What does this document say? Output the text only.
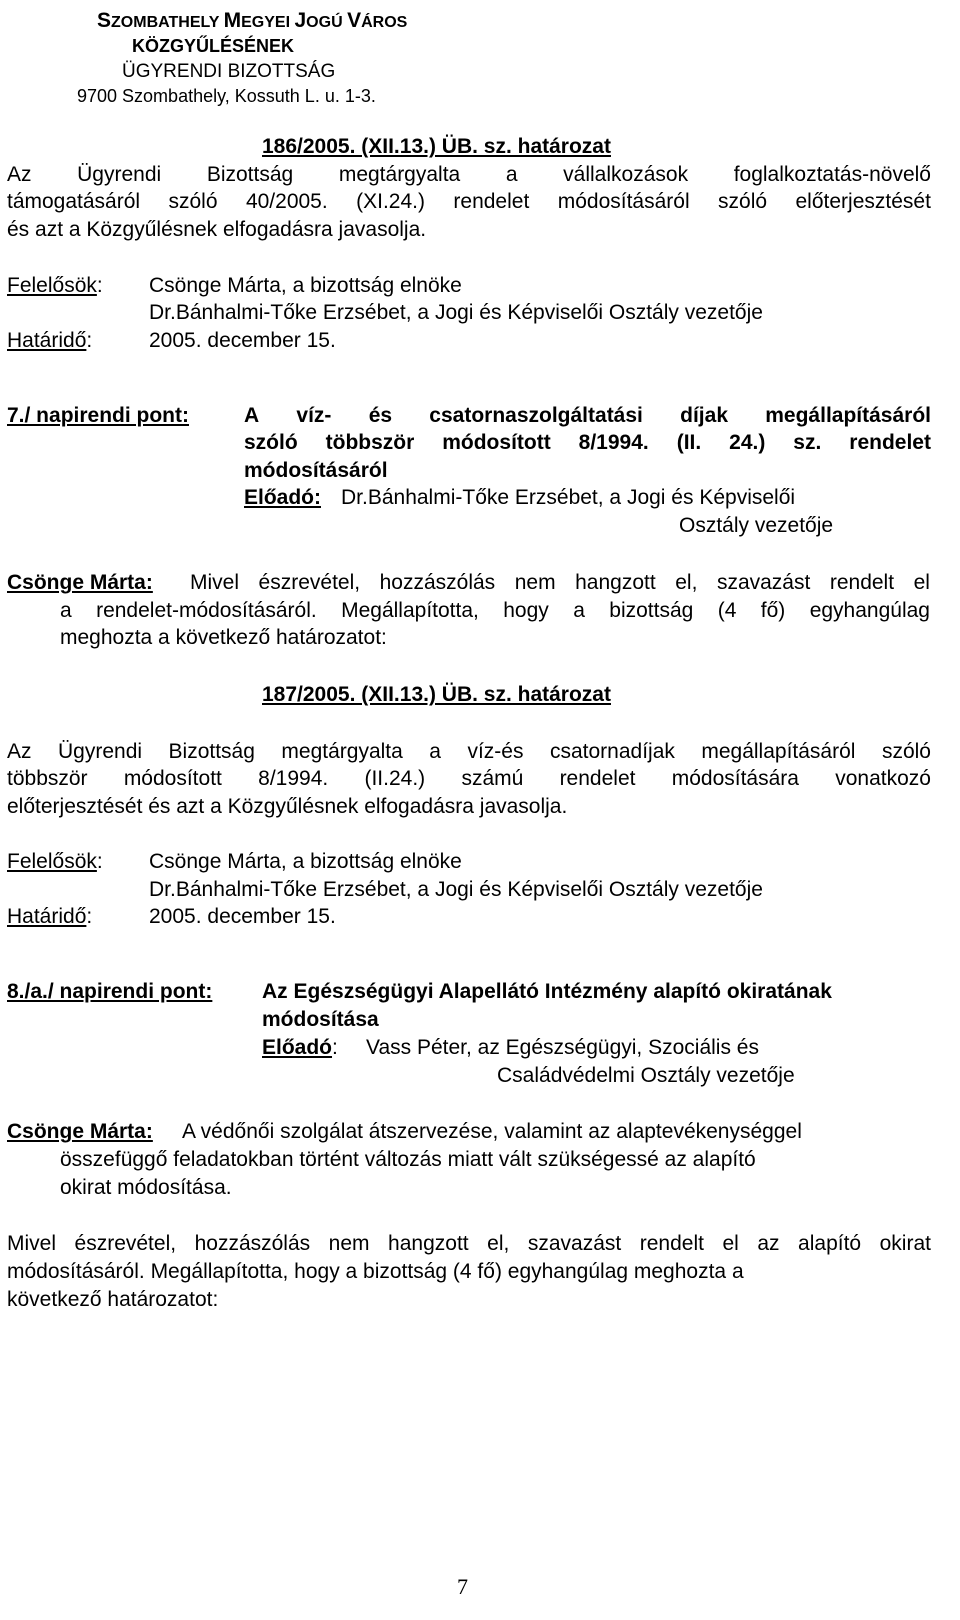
SZOMBATHELY MEGYEI JOGÚ VÁROS
KÖZGYŰLÉSÉNEK
ÜGYRENDI BIZOTTSÁG
9700 Szombathely, Kossuth L. u. 1-3.
186/2005. (XII.13.) ÜB. sz. határozat
Az Ügyrendi Bizottság megtárgyalta a vállalkozások foglalkoztatás-növelő
támogatásáról szóló 40/2005. (XI.24.) rendelet módosításáról szóló előterjesztését
és azt a Közgyűlésnek elfogadásra javasolja.
Felelősök: Csönge Márta, a bizottság elnöke
Dr.Bánhalmi-Tőke Erzsébet, a Jogi és Képviselői Osztály vezetője
Határidő:	2005. december 15.
7./ napirendi pont:	A víz- és csatornaszolgáltatási díjak megállapításáról
szóló többször módosított 8/1994. (II. 24.) sz. rendelet
módosításáról
Előadó: Dr.Bánhalmi-Tőke Erzsébet, a Jogi és Képviselői
Osztály vezetője
Csönge Márta: Mivel észrevétel, hozzászólás nem hangzott el, szavazást rendelt el
a rendelet-módosításáról. Megállapította, hogy a bizottság (4 fő) egyhangúlag
meghozta a következő határozatot:
187/2005. (XII.13.) ÜB. sz. határozat
Az Ügyrendi Bizottság megtárgyalta a víz-és csatornadíjak megállapításáról szóló
többször módosított 8/1994. (II.24.) számú rendelet módosítására vonatkozó
előterjesztését és azt a Közgyűlésnek elfogadásra javasolja.
Felelősök: Csönge Márta, a bizottság elnöke
Dr.Bánhalmi-Tőke Erzsébet, a Jogi és Képviselői Osztály vezetője
Határidő:	2005. december 15.
8./a./ napirendi pont: Az Egészségügyi Alapellátó Intézmény alapító okiratának
módosítása
Előadó: Vass Péter, az Egészségügyi, Szociális és
Családvédelmi Osztály vezetője
Csönge Márta: A védőnői szolgálat átszervezése, valamint az alaptevékenységgel
összefüggő feladatokban történt változás miatt vált szükségessé az alapító
okirat módosítása.
Mivel észrevétel, hozzászólás nem hangzott el, szavazást rendelt el az alapító okirat
módosításáról. Megállapította, hogy a bizottság (4 fő) egyhangúlag meghozta a
következő határozatot:
7
